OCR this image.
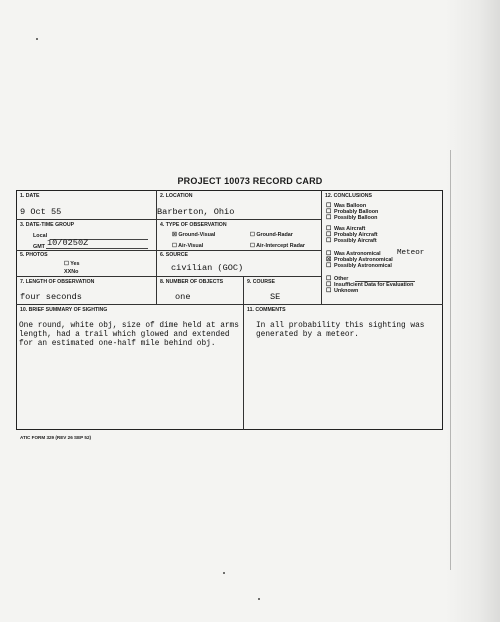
PROJECT 10073 RECORD CARD
1. DATE
9 Oct 55
2. LOCATION
Barberton, Ohio
3. DATE-TIME GROUP
Local
GMT 10/0250Z
4. TYPE OF OBSERVATION
☒ Ground-Visual	☐ Ground-Radar
☐ Air-Visual	☐ Air-Intercept Radar
5. PHOTOS
☐ Yes
XXNo
6. SOURCE
civilian (GOC)
7. LENGTH OF OBSERVATION
four seconds
8. NUMBER OF OBJECTS
one
9. COURSE
SE
10. BRIEF SUMMARY OF SIGHTING
One round, white obj, size of dime held at arms
length, had a trail which glowed and extended
for an estimated one-half mile behind obj.
11. COMMENTS
In all probability this sighting was
generated by a meteor.
12. CONCLUSIONS
☐ Was Balloon
☐ Probably Balloon
☐ Possibly Balloon
☐ Was Aircraft
☐ Probably Aircraft
☐ Possibly Aircraft
☐ Was Astronomical
☒ Probably Astronomical
☐ Possibly Astronomical
☐ Other
☐ Insufficient Data for Evaluation
☐ Unknown
Meteor
ATIC FORM 329 (REV 26 SEP 52)
